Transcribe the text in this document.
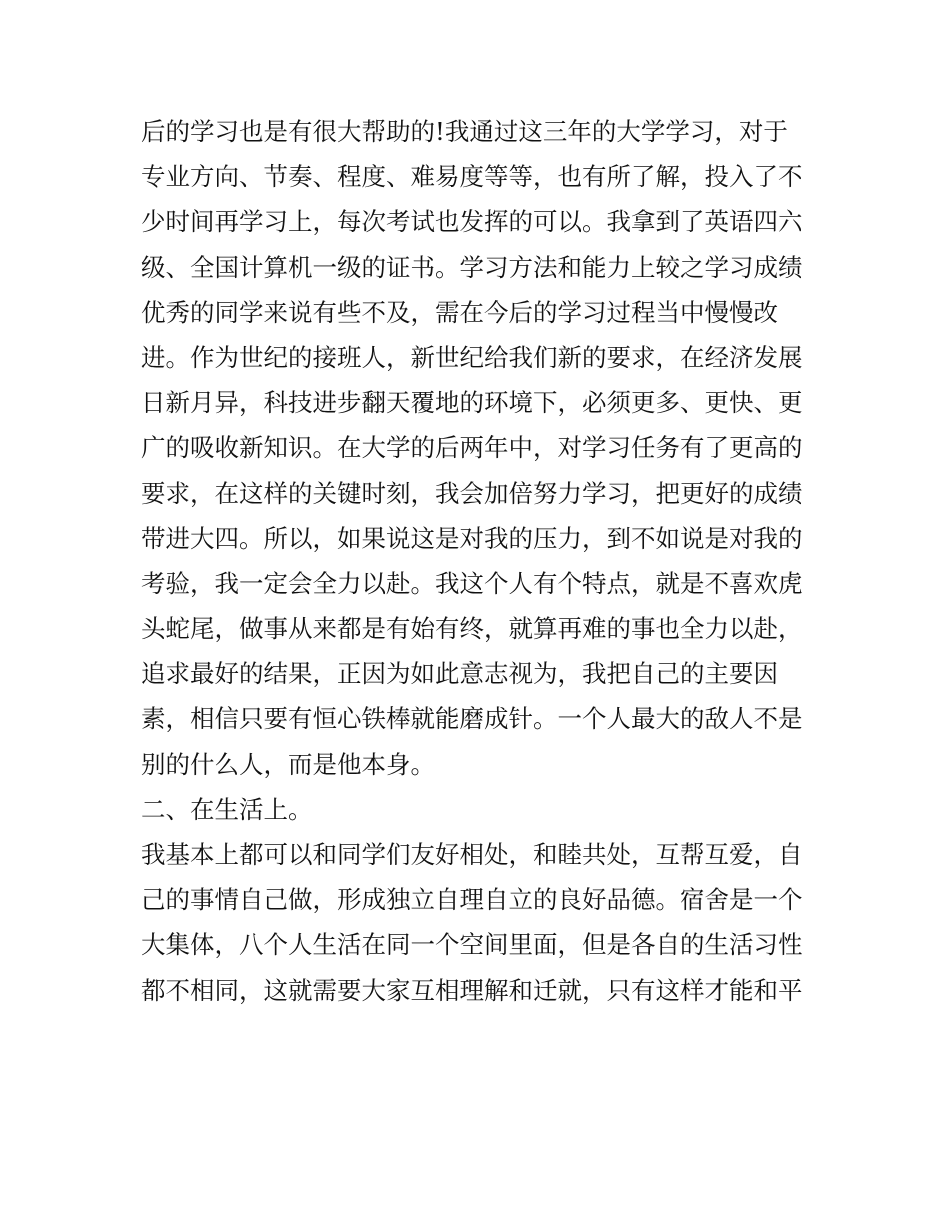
后的学习也是有很大帮助的!我通过这三年的大学学习，对于
专业方向、节奏、程度、难易度等等，也有所了解，投入了不
少时间再学习上，每次考试也发挥的可以。我拿到了英语四六
级、全国计算机一级的证书。学习方法和能力上较之学习成绩
优秀的同学来说有些不及，需在今后的学习过程当中慢慢改
进。作为世纪的接班人，新世纪给我们新的要求，在经济发展
日新月异，科技进步翻天覆地的环境下，必须更多、更快、更
广的吸收新知识。在大学的后两年中，对学习任务有了更高的
要求，在这样的关键时刻，我会加倍努力学习，把更好的成绩
带进大四。所以，如果说这是对我的压力，到不如说是对我的
考验，我一定会全力以赴。我这个人有个特点，就是不喜欢虎
头蛇尾，做事从来都是有始有终，就算再难的事也全力以赴，
追求最好的结果，正因为如此意志视为，我把自己的主要因
素，相信只要有恒心铁棒就能磨成针。一个人最大的敌人不是
别的什么人，而是他本身。
二、在生活上。
我基本上都可以和同学们友好相处，和睦共处，互帮互爱，自
己的事情自己做，形成独立自理自立的良好品德。宿舍是一个
大集体，八个人生活在同一个空间里面，但是各自的生活习性
都不相同，这就需要大家互相理解和迁就，只有这样才能和平
